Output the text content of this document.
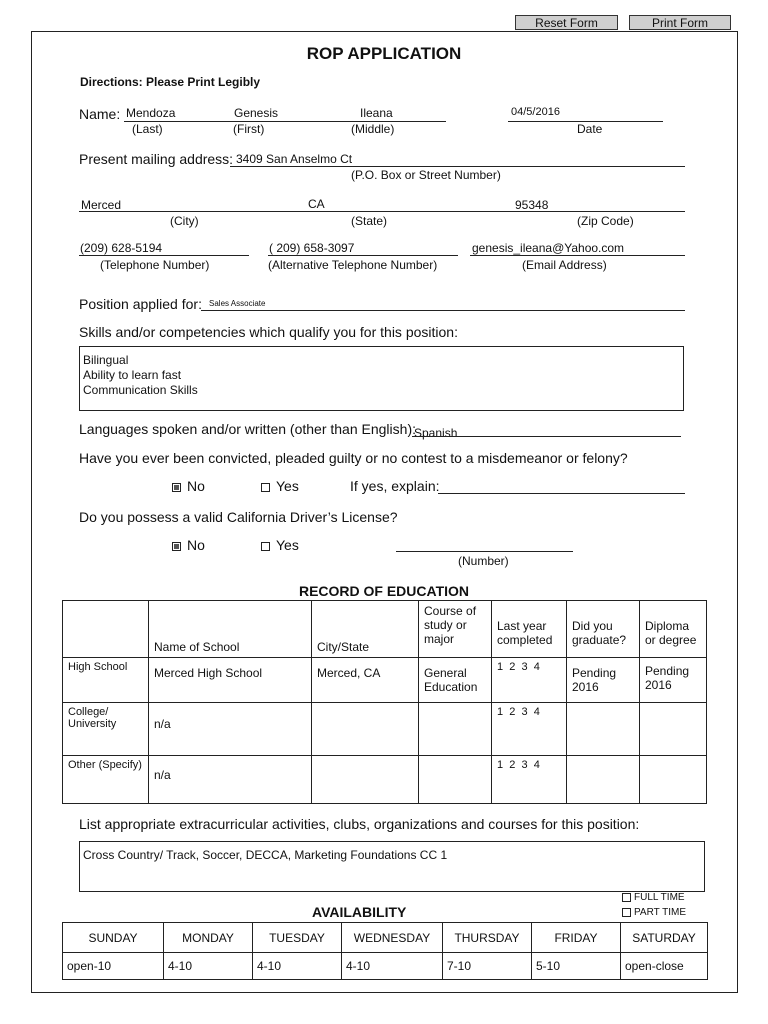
Reset Form	Print Form
ROP APPLICATION
Directions: Please Print Legibly
Name: Mendoza	Genesis	Ileana	04/5/2016
(Last)	(First)	(Middle)	Date
Present mailing address: 3409 San Anselmo Ct
(P.O. Box or Street Number)
Merced	CA	95348
(City)	(State)	(Zip Code)
(209) 628-5194	( 209) 658-3097	genesis_ileana@Yahoo.com
(Telephone Number)	(Alternative Telephone Number)	(Email Address)
Position applied for: Sales Associate
Skills and/or competencies which qualify you for this position:
Bilingual
Ability to learn fast
Communication Skills
Languages spoken and/or written (other than English):
Spanish
Have you ever been convicted, pleaded guilty or no contest to a misdemeanor or felony?
No	Yes	If yes, explain:
Do you possess a valid California Driver’s License?
No	Yes
(Number)
RECORD OF EDUCATION
	Name of School	City/State	Course of study or major	Last year completed	Did you graduate?	Diploma or degree
High School	Merced High School	Merced, CA	General Education	1  2  3  4	Pending 2016	Pending 2016
College/ University	n/a			1  2  3  4		
Other (Specify)	n/a			1  2  3  4		
List appropriate extracurricular activities, clubs, organizations and courses for this position:
Cross Country/ Track, Soccer, DECCA, Marketing Foundations CC 1
AVAILABILITY
FULL TIME
PART TIME
SUNDAY	MONDAY	TUESDAY	WEDNESDAY	THURSDAY	FRIDAY	SATURDAY
open-10	4-10	4-10	4-10	7-10	5-10	open-close
